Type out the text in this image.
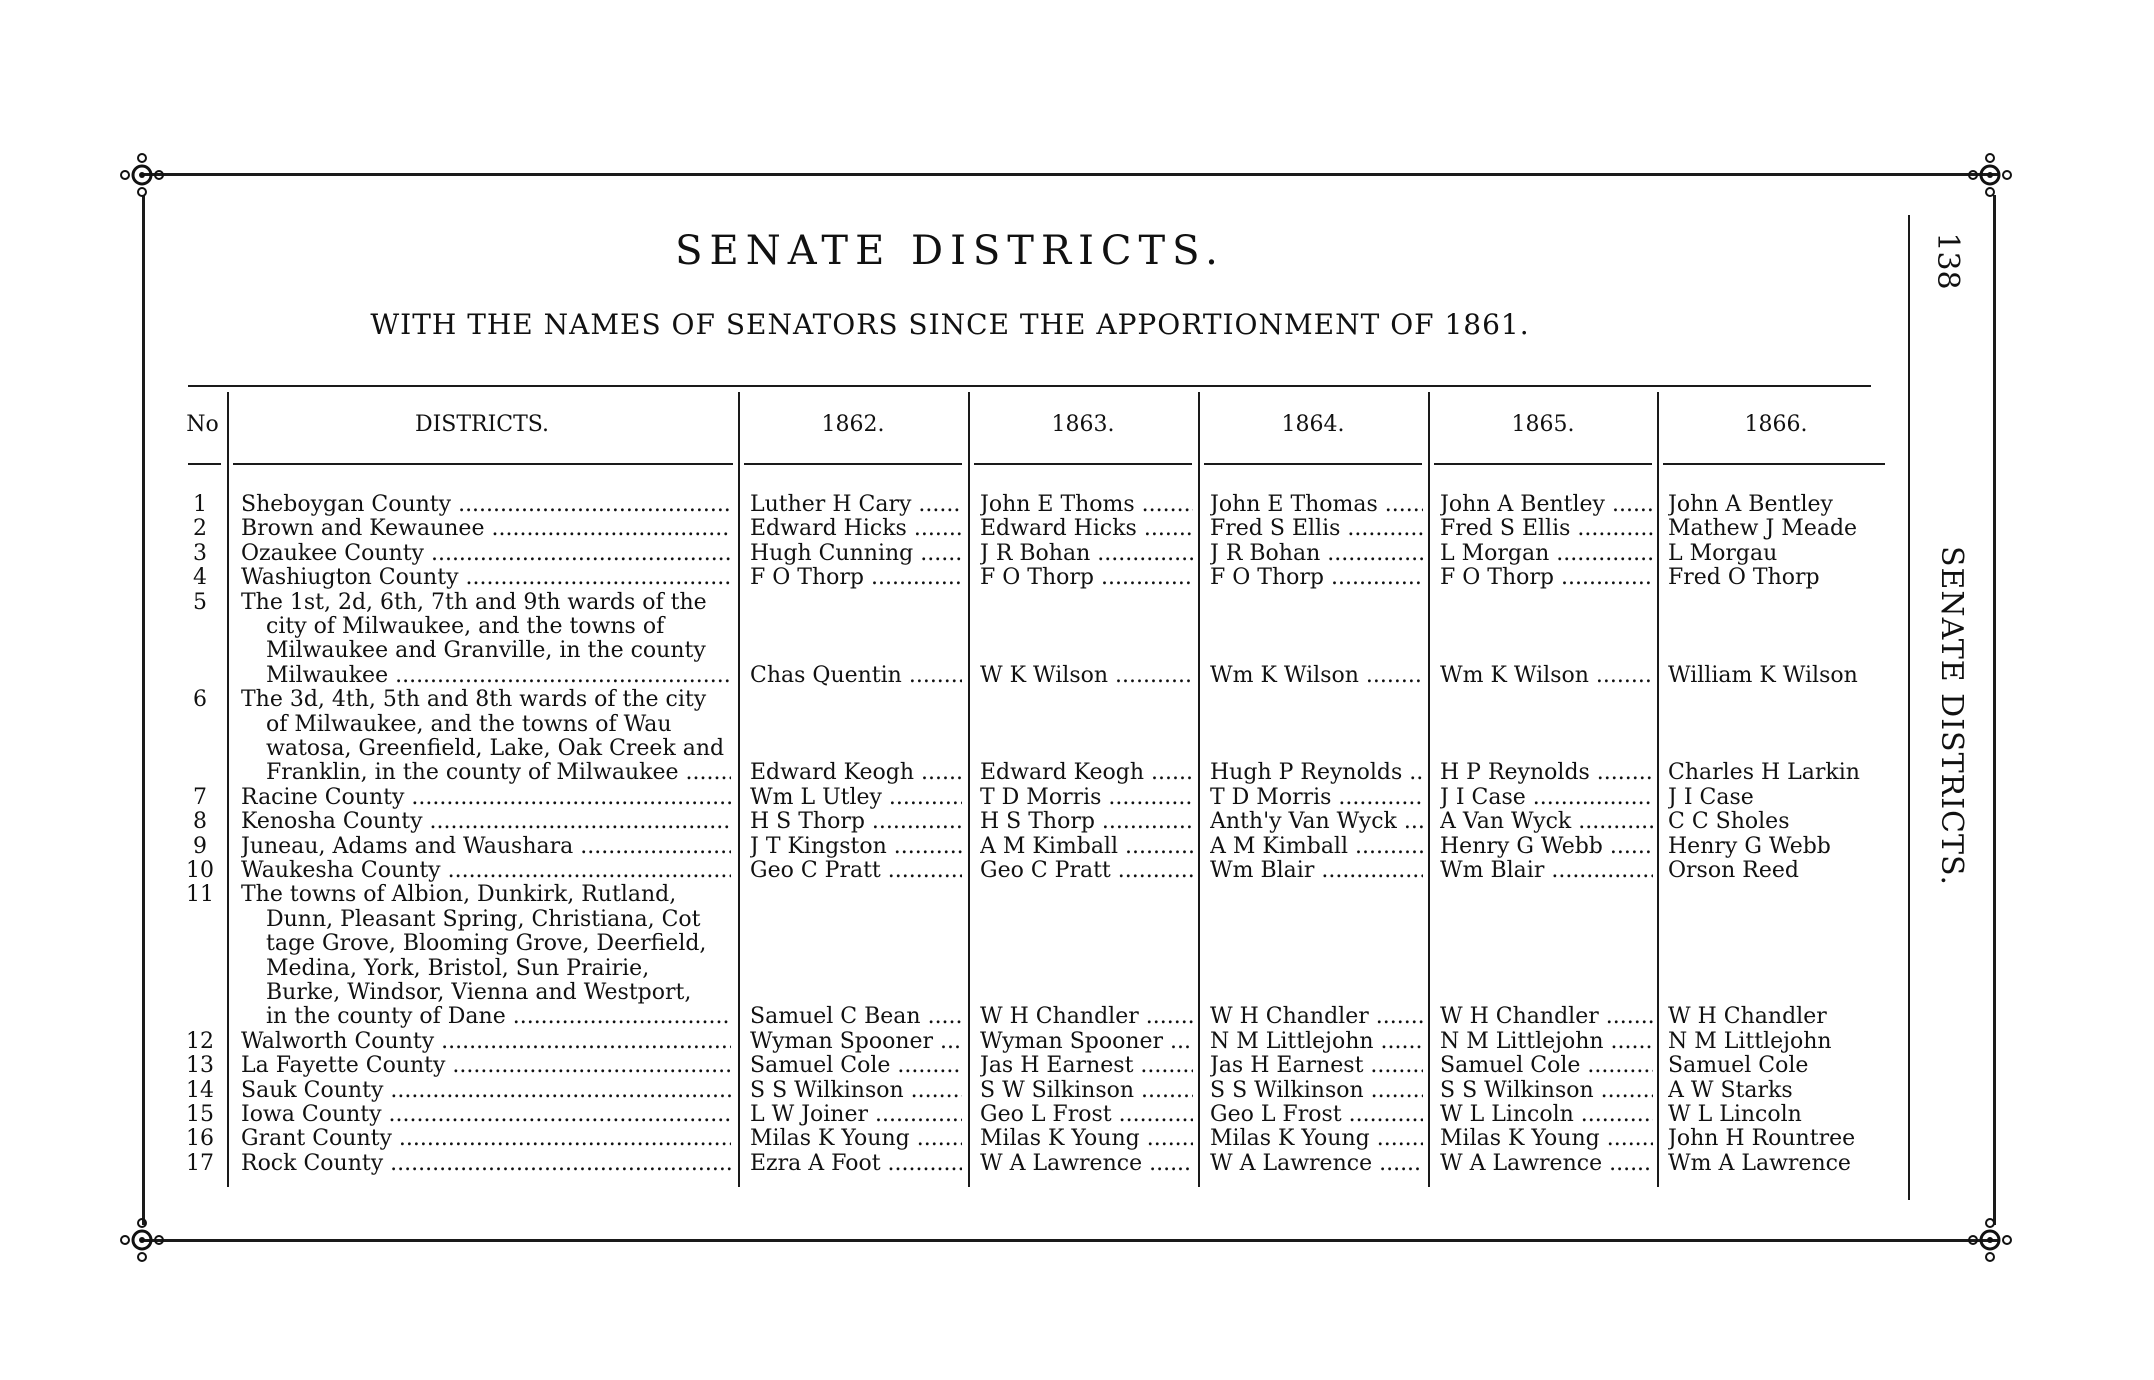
138
SENATE DISTRICTS.
SENATE DISTRICTS.
WITH THE NAMES OF SENATORS SINCE THE APPORTIONMENT OF 1861.
No	DISTRICTS.	1862.	1863.	1864.	1865.	1866.
1	Sheboygan County .....	Luther H Cary .....	John E Thoms .....	John E Thomas .....	John A Bentley .....	John A Bentley
2	Brown and Kewaunee .....	Edward Hicks .....	Edward Hicks .....	Fred S Ellis .....	Fred S Ellis .....	Mathew J Meade
3	Ozaukee County .....	Hugh Cunning .....	J R Bohan .....	J R Bohan .....	L Morgan .....	L Morgau
4	Washiugton County .....	F O Thorp .....	F O Thorp .....	F O Thorp .....	F O Thorp .....	Fred O Thorp
5	The 1st, 2d, 6th, 7th and 9th wards of the
city of Milwaukee, and the towns of
Milwaukee and Granville, in the county
Milwaukee .....	Chas Quentin .....	W K Wilson .....	Wm K Wilson .....	Wm K Wilson .....	William K Wilson
6	The 3d, 4th, 5th and 8th wards of the city
of Milwaukee, and the towns of Wau
watosa, Greenfield, Lake, Oak Creek and
Franklin, in the county of Milwaukee .....	Edward Keogh .....	Edward Keogh .....	Hugh P Reynolds .....	H P Reynolds .....	Charles H Larkin
7	Racine County .....	Wm L Utley .....	T D Morris .....	T D Morris .....	J I Case .....	J I Case
8	Kenosha County .....	H S Thorp .....	H S Thorp .....	Anth'y Van Wyck .....	A Van Wyck .....	C C Sholes
9	Juneau, Adams and Waushara .....	J T Kingston .....	A M Kimball .....	A M Kimball .....	Henry G Webb .....	Henry G Webb
10 Waukesha County .....	Geo C Pratt .....	Geo C Pratt .....	Wm Blair .....	Wm Blair .....	Orson Reed
11 The towns of Albion, Dunkirk, Rutland,
Dunn, Pleasant Spring, Christiana, Cot
tage Grove, Blooming Grove, Deerfield,
Medina, York, Bristol, Sun Prairie,
Burke, Windsor, Vienna and Westport,
in the county of Dane .....	Samuel C Bean .....	W H Chandler .....	W H Chandler .....	W H Chandler .....	W H Chandler
12 Walworth County .....	Wyman Spooner .....	Wyman Spooner .....	N M Littlejohn .....	N M Littlejohn .....	N M Littlejohn
13 La Fayette County .....	Samuel Cole .....	Jas H Earnest .....	Jas H Earnest .....	Samuel Cole .....	Samuel Cole
14 Sauk County .....	S S Wilkinson .....	S W Silkinson .....	S S Wilkinson .....	S S Wilkinson .....	A W Starks
15 Iowa County .....	L W Joiner .....	Geo L Frost .....	Geo L Frost .....	W L Lincoln .....	W L Lincoln
16 Grant County .....	Milas K Young .....	Milas K Young .....	Milas K Young .....	Milas K Young .....	John H Rountree
17 Rock County .....	Ezra A Foot .....	W A Lawrence .....	W A Lawrence .....	W A Lawrence .....	Wm A Lawrence
